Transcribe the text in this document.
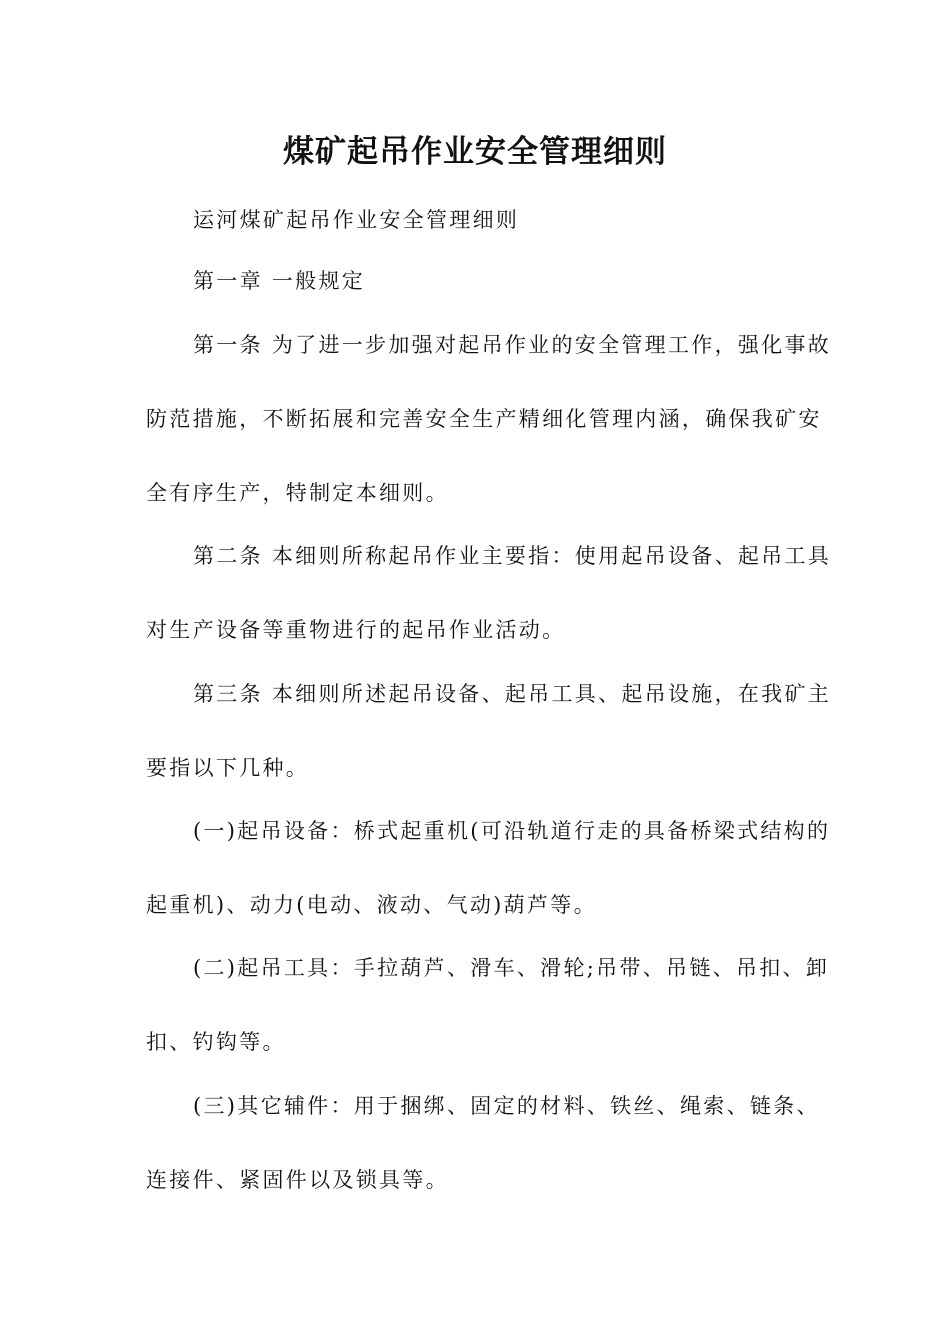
煤矿起吊作业安全管理细则

运河煤矿起吊作业安全管理细则

第一章 一般规定

第一条 为了进一步加强对起吊作业的安全管理工作，强化事故

防范措施，不断拓展和完善安全生产精细化管理内涵，确保我矿安

全有序生产，特制定本细则。

第二条 本细则所称起吊作业主要指：使用起吊设备、起吊工具

对生产设备等重物进行的起吊作业活动。

第三条 本细则所述起吊设备、起吊工具、起吊设施，在我矿主

要指以下几种。

(一)起吊设备：桥式起重机(可沿轨道行走的具备桥梁式结构的

起重机)、动力(电动、液动、气动)葫芦等。

(二)起吊工具：手拉葫芦、滑车、滑轮;吊带、吊链、吊扣、卸

扣、钓钩等。

(三)其它辅件：用于捆绑、固定的材料、铁丝、绳索、链条、

连接件、紧固件以及锁具等。
